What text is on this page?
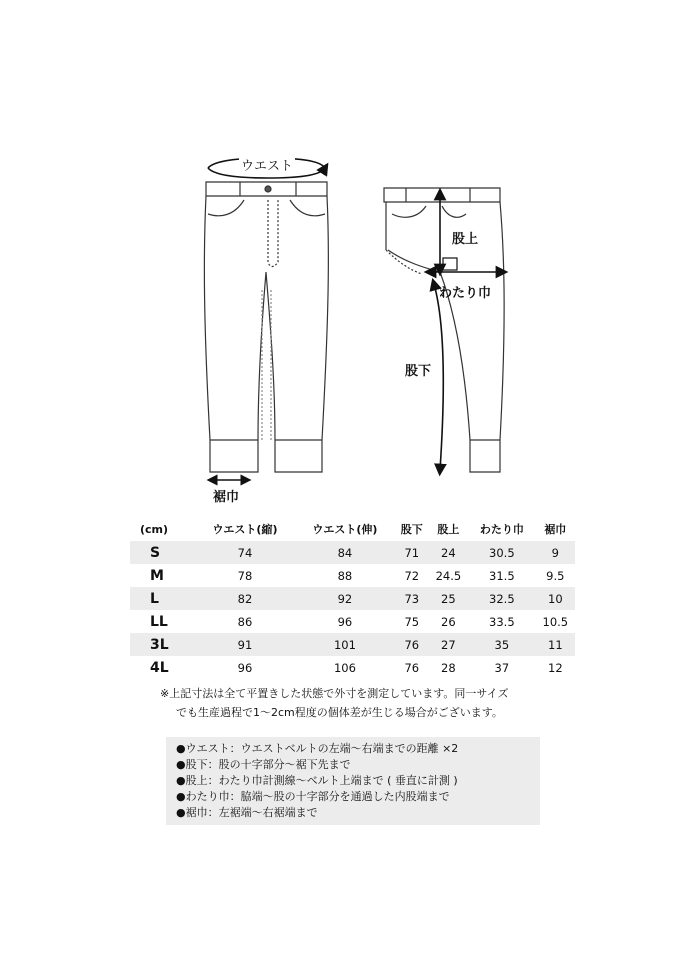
ウエスト
股上
わたり巾
股下
裾巾
(cm)	ウエスト(縮)	ウエスト(伸)	股下	股上	わたり巾	裾巾
S	74	84	71	24	30.5	9
M	78	88	72	24.5	31.5	9.5
L	82	92	73	25	32.5	10
LL	86	96	75	26	33.5	10.5
3L	91	101	76	27	35	11
4L	96	106	76	28	37	12
※上記寸法は全て平置きした状態で外寸を測定しています。同一サイズ
でも生産過程で1〜2cm程度の個体差が生じる場合がございます。
●ウエスト：ウエストベルトの左端〜右端までの距離 ×2
●股下：股の十字部分〜裾下先まで
●股上：わたり巾計測線〜ベルト上端まで ( 垂直に計測 )
●わたり巾：脇端〜股の十字部分を通過した内股端まで
●裾巾：左裾端〜右裾端まで
